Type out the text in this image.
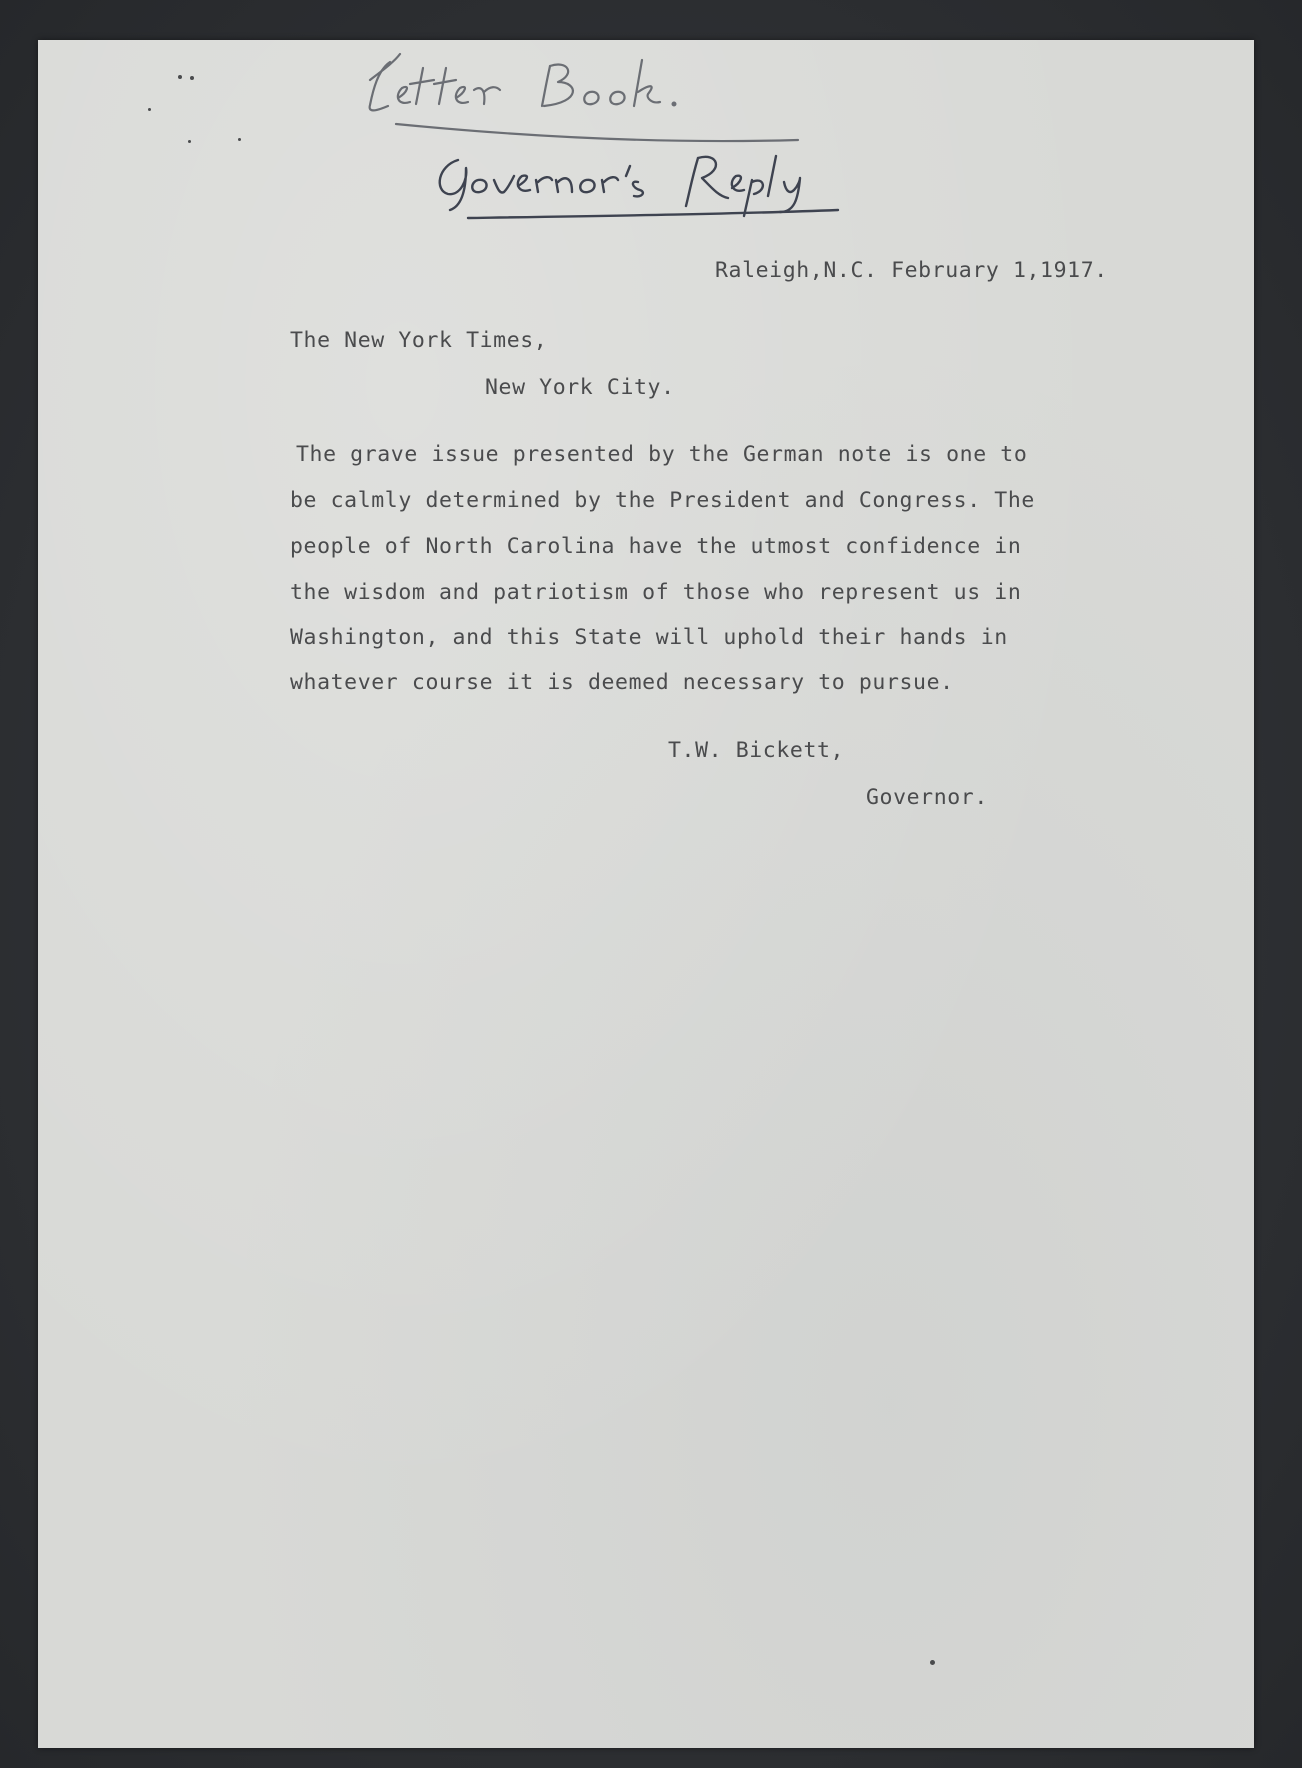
Raleigh,N.C. February 1,1917.
The New York Times,
New York City.
The grave issue presented by the German note is one to
be calmly determined by the President and Congress. The
people of North Carolina have the utmost confidence in
the wisdom and patriotism of those who represent us in
Washington, and this State will uphold their hands in
whatever course it is deemed necessary to pursue.
T.W. Bickett,
Governor.
